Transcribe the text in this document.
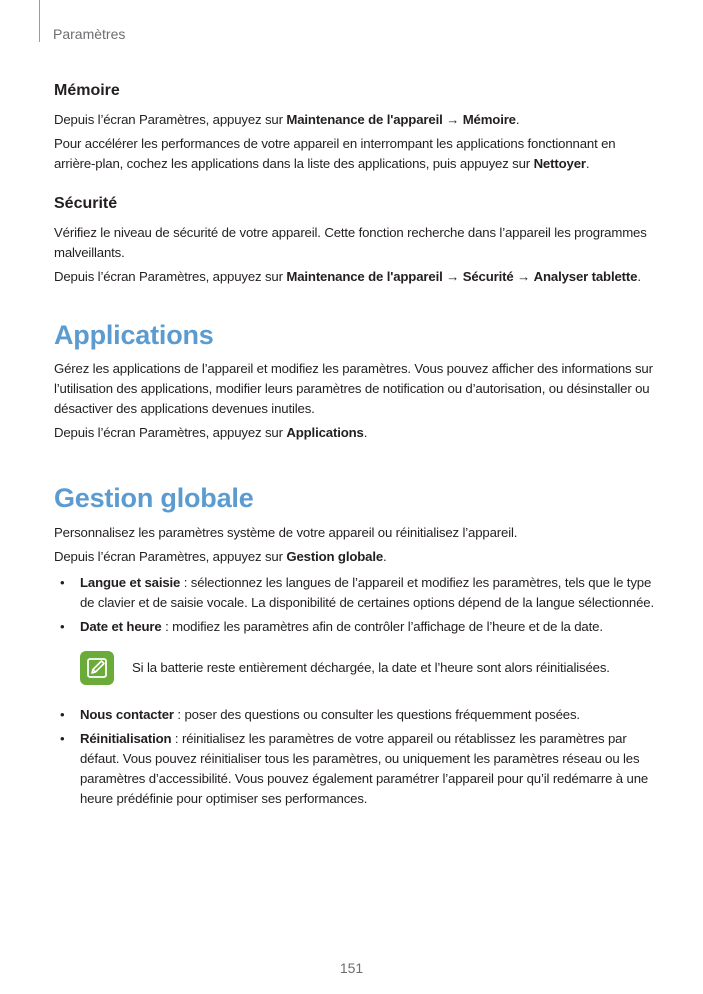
Paramètres
Mémoire

Depuis l’écran Paramètres, appuyez sur Maintenance de l'appareil → Mémoire.

Pour accélérer les performances de votre appareil en interrompant les applications fonctionnant en arrière-plan, cochez les applications dans la liste des applications, puis appuyez sur Nettoyer.

Sécurité

Vérifiez le niveau de sécurité de votre appareil. Cette fonction recherche dans l’appareil les programmes malveillants.

Depuis l’écran Paramètres, appuyez sur Maintenance de l'appareil → Sécurité → Analyser tablette.

Applications

Gérez les applications de l’appareil et modifiez les paramètres. Vous pouvez afficher des informations sur l’utilisation des applications, modifier leurs paramètres de notification ou d’autorisation, ou désinstaller ou désactiver des applications devenues inutiles.

Depuis l’écran Paramètres, appuyez sur Applications.

Gestion globale

Personnalisez les paramètres système de votre appareil ou réinitialisez l’appareil.

Depuis l’écran Paramètres, appuyez sur Gestion globale.

• Langue et saisie : sélectionnez les langues de l’appareil et modifiez les paramètres, tels que le type de clavier et de saisie vocale. La disponibilité de certaines options dépend de la langue sélectionnée.
• Date et heure : modifiez les paramètres afin de contrôler l’affichage de l’heure et de la date.
Si la batterie reste entièrement déchargée, la date et l’heure sont alors réinitialisées.
• Nous contacter : poser des questions ou consulter les questions fréquemment posées.
• Réinitialisation : réinitialisez les paramètres de votre appareil ou rétablissez les paramètres par défaut. Vous pouvez réinitialiser tous les paramètres, ou uniquement les paramètres réseau ou les paramètres d’accessibilité. Vous pouvez également paramétrer l’appareil pour qu’il redémarre à une heure prédéfinie pour optimiser ses performances.
151
